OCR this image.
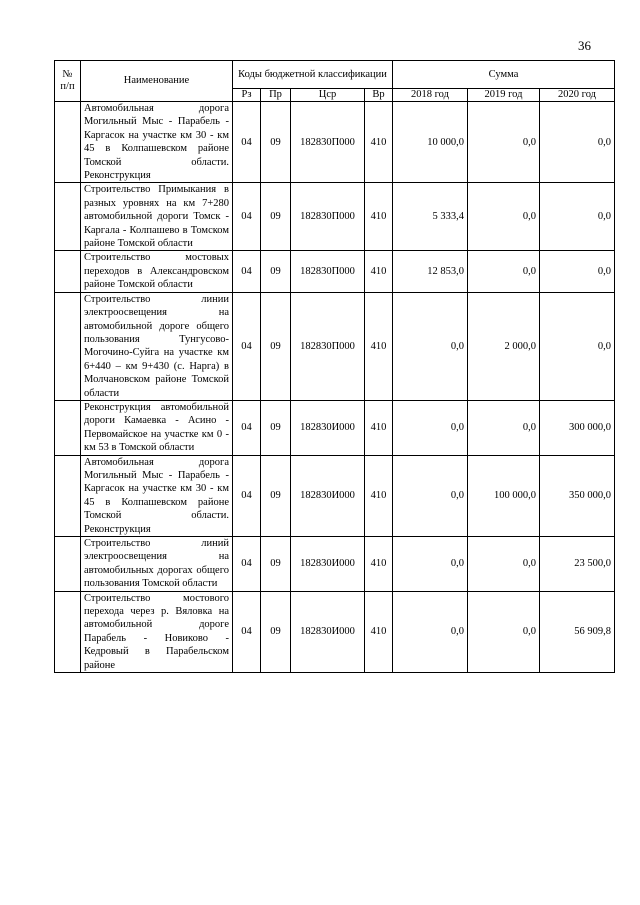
36
№ п/п	Наименование	Коды бюджетной классификации				Сумма		
		Рз	Пр	Цср	Вр	2018 год	2019 год	2020 год
	Автомобильная дорога Могильный Мыс - Парабель - Каргасок на участке км 30 - км 45 в Колпашевском районе Томской области. Реконструкция	04	09	182830П000	410	10 000,0	0,0	0,0
	Строительство Примыкания в разных уровнях на км 7+280 автомобильной дороги Томск - Каргала - Колпашево в Томском районе Томской области	04	09	182830П000	410	5 333,4	0,0	0,0
	Строительство мостовых переходов в Александровском районе Томской области	04	09	182830П000	410	12 853,0	0,0	0,0
	Строительство линии электроосвещения на автомобильной дороге общего пользования Тунгусово-Могочино-Суйга на участке км 6+440 – км 9+430 (с. Нарга) в Молчановском районе Томской области	04	09	182830П000	410	0,0	2 000,0	0,0
	Реконструкция автомобильной дороги Камаевка - Асино - Первомайское на участке км 0 - км 53 в Томской области	04	09	182830И000	410	0,0	0,0	300 000,0
	Автомобильная дорога Могильный Мыс - Парабель - Каргасок на участке км 30 - км 45 в Колпашевском районе Томской области. Реконструкция	04	09	182830И000	410	0,0	100 000,0	350 000,0
	Строительство линий электроосвещения на автомобильных дорогах общего пользования Томской области	04	09	182830И000	410	0,0	0,0	23 500,0
	Строительство мостового перехода через р. Вяловка на автомобильной дороге Парабель - Новиково - Кедровый в Парабельском районе	04	09	182830И000	410	0,0	0,0	56 909,8
